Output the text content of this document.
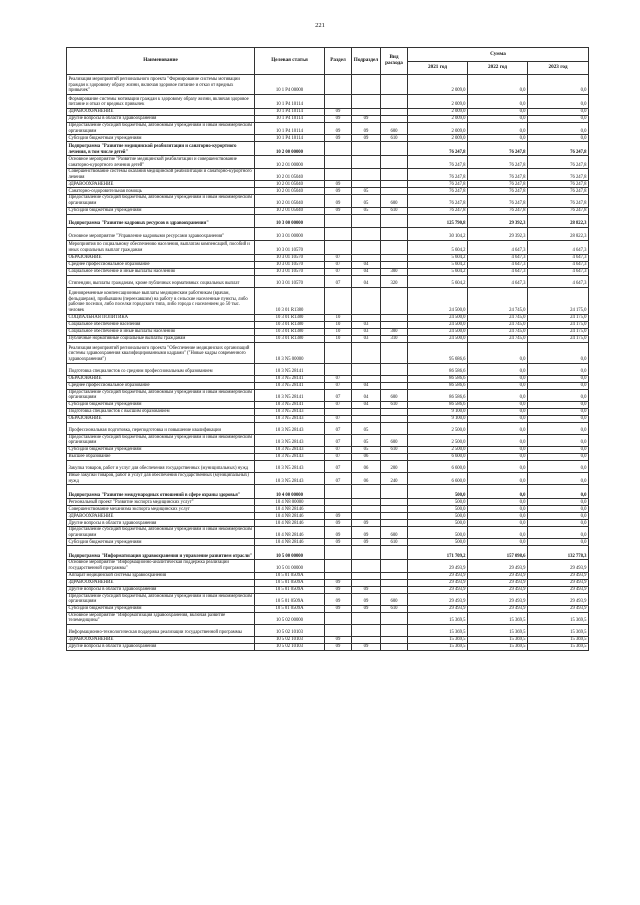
221
Наименование	Целевая статья	Раздел	Подраздел	Вид расхода	Сумма		
					2021 год	2022 год	2023 год
Реализация мероприятий регионального проекта "Формирование системы мотивации граждан к здоровому образу жизни, включая здоровое питание и отказ от вредных привычек"	10 1 P4 00000				2 009,0	0,0	0,0
Формирование системы мотивации граждан к здоровому образу жизни, включая здоровое питание и отказ от вредных привычек	10 1 P4 10114				2 009,0	0,0	0,0
ЗДРАВООХРАНЕНИЕ	10 1 P4 10114	09			2 009,0	0,0	0,0
Другие вопросы в области здравоохранения	10 1 P4 10114	09	09		2 009,0	0,0	0,0
Предоставление субсидий бюджетным, автономным учреждениям и иным некоммерческим организациям	10 1 P4 10114	09	09	600	2 009,0	0,0	0,0
Субсидии бюджетным учреждениям	10 1 P4 10114	09	09	610	2 009,0	0,0	0,0
Подпрограмма "Развитие медицинской реабилитации и санаторно-курортного лечения, в том числе детей"	10 2 00 00000				76 247,8	76 247,8	76 247,8
Основное мероприятие "Развитие медицинской реабилитации и совершенствование санаторно-курортного лечения детей"	10 2 01 00000				76 247,8	76 247,8	76 247,8
Совершенствование системы оказания медицинской реабилитации и санаторно-курортного лечения	10 2 01 05040				76 247,8	76 247,8	76 247,8
ЗДРАВООХРАНЕНИЕ	10 2 01 05040	09			76 247,8	76 247,8	76 247,8
Санаторно-оздоровительная помощь	10 2 01 05040	09	05		76 247,8	76 247,8	76 247,8
Предоставление субсидий бюджетным, автономным учреждениям и иным некоммерческим организациям	10 2 01 05040	09	05	600	76 247,8	76 247,8	76 247,8
Субсидии бюджетным учреждениям	10 2 01 05040	09	05	610	76 247,8	76 247,8	76 247,8
Подпрограмма "Развитие кадровых ресурсов в здравоохранении"	10 3 00 00000				125 790,8	29 392,3	28 822,3
Основное мероприятие "Управление кадровыми ресурсами здравоохранения"	10 3 01 00000				30 104,2	29 392,3	28 822,3
Мероприятия по социальному обеспечению населения, выплатам компенсаций, пособий и иных социальных выплат гражданам	10 3 01 10570				5 604,2	4 647,3	4 647,3
ОБРАЗОВАНИЕ	10 3 01 10570	07			5 604,2	4 647,3	4 647,3
Среднее профессиональное образование	10 3 01 10570	07	04		5 604,2	4 647,3	4 647,3
Социальное обеспечение и иные выплаты населению	10 3 01 10570	07	04	300	5 604,2	4 647,3	4 647,3
Стипендии, выплаты гражданам, кроме публичных нормативных социальных выплат	10 3 01 10570	07	04	320	5 604,2	4 647,3	4 647,3
Единовременные компенсационные выплаты медицинским работникам (врачам, фельдшерам), прибывшим (переехавшим) на работу в сельские населенные пункты, либо рабочие поселки, либо поселки городского типа, либо города с населением до 50 тыс. человек	10 3 01 R1380				24 500,0	24 745,0	24 175,0
СОЦИАЛЬНАЯ ПОЛИТИКА	10 3 01 R1380	10			24 500,0	24 745,0	24 175,0
Социальное обеспечение населения	10 3 01 R1380	10	03		24 500,0	24 745,0	24 175,0
Социальное обеспечение и иные выплаты населению	10 3 01 R1380	10	03	300	24 500,0	24 745,0	24 175,0
Публичные нормативные социальные выплаты гражданам	10 3 01 R1380	10	03	310	24 500,0	24 745,0	24 175,0
Реализация мероприятий регионального проекта "Обеспечение медицинских организаций системы здравоохранения квалифицированными кадрами" ("Новые кадры современного здравоохранения")	10 3 N5 00000				95 686,6	0,0	0,0
Подготовка специалистов со средним профессиональным образованием	10 3 N5 28141				86 586,6	0,0	0,0
ОБРАЗОВАНИЕ	10 3 N5 28141	07			86 586,6	0,0	0,0
Среднее профессиональное образование	10 3 N5 28141	07	04		86 586,6	0,0	0,0
Предоставление субсидий бюджетным, автономным учреждениям и иным некоммерческим организациям	10 3 N5 28141	07	04	600	86 586,6	0,0	0,0
Субсидии бюджетным учреждениям	10 3 N5 28141	07	04	610	86 586,6	0,0	0,0
Подготовка специалистов с высшим образованием	10 3 N5 28143				9 100,0	0,0	0,0
ОБРАЗОВАНИЕ	10 3 N5 28143	07			9 100,0	0,0	0,0
Профессиональная подготовка, переподготовка и повышение квалификации	10 3 N5 28143	07	05		2 500,0	0,0	0,0
Предоставление субсидий бюджетным, автономным учреждениям и иным некоммерческим организациям	10 3 N5 28143	07	05	600	2 500,0	0,0	0,0
Субсидии бюджетным учреждениям	10 3 N5 28143	07	05	610	2 500,0	0,0	0,0
Высшее образование	10 3 N5 28143	07	06		6 600,0	0,0	0,0
Закупка товаров, работ и услуг для обеспечения государственных (муниципальных) нужд	10 3 N5 28143	07	06	200	6 600,0	0,0	0,0
Иные закупки товаров, работ и услуг для обеспечения государственных (муниципальных) нужд	10 3 N5 28143	07	06	240	6 600,0	0,0	0,0
Подпрограмма "Развитие международных отношений в сфере охраны здоровья"	10 4 00 00000				500,0	0,0	0,0
Региональный проект "Развитие экспорта медицинских услуг"	10 4 N8 00000				500,0	0,0	0,0
Совершенствование механизма экспорта медицинских услуг	10 4 N8 28146				500,0	0,0	0,0
ЗДРАВООХРАНЕНИЕ	10 4 N8 28146	09			500,0	0,0	0,0
Другие вопросы в области здравоохранения	10 4 N8 28146	09	09		500,0	0,0	0,0
Предоставление субсидий бюджетным, автономным учреждениям и иным некоммерческим организациям	10 4 N8 28146	09	09	600	500,0	0,0	0,0
Субсидии бюджетным учреждениям	10 4 N8 28146	09	09	610	500,0	0,0	0,0
Подпрограмма "Информатизация здравоохранения и управление развитием отрасли"	10 5 00 00000				171 709,2	157 098,6	132 778,3
Основное мероприятие "Информационно-аналитическая поддержка реализации государственной программы"	10 5 01 00000				29 493,9	29 493,9	29 493,9
Аппарат медицинской системы здравоохранения	10 5 01 0509А				29 493,9	29 493,9	29 493,9
ЗДРАВООХРАНЕНИЕ	10 5 01 0509А	09			29 493,9	29 493,9	29 493,9
Другие вопросы в области здравоохранения	10 5 01 0509А	09	09		29 493,9	29 493,9	29 493,9
Предоставление субсидий бюджетным, автономным учреждениям и иным некоммерческим организациям	10 5 01 0509А	09	09	600	29 493,9	29 493,9	29 493,9
Субсидии бюджетным учреждениям	10 5 01 0509А	09	09	610	29 493,9	29 493,9	29 493,9
Основное мероприятие "Информатизация здравоохранения, включая развитие телемедицины"	10 5 02 00000				15 369,5	15 369,5	15 369,5
Информационно-технологическая поддержка реализации государственной программы	10 5 02 10103				15 369,5	15 369,5	15 369,5
ЗДРАВООХРАНЕНИЕ	10 5 02 10103	09			15 369,5	15 369,5	15 369,5
Другие вопросы в области здравоохранения	10 5 02 10103	09	09		15 369,5	15 369,5	15 369,5
